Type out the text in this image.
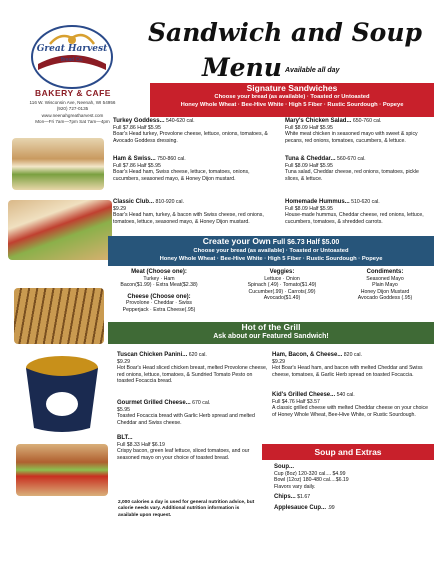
Great Harvest
Bread Co.
BAKERY & CAFE
116 W. Wisconsin Ave, Neenah, WI 54956
(920) 727-0135
www.neenahgreatharvest.com
Mon—Fri 7am—7pm Sat 7am—4pm
Sandwich and Soup
Menu Available all day
Signature Sandwiches

Choose your bread (as available) · Toasted or Untoasted

Honey Whole Wheat · Bee-Hive White · High 5 Fiber · Rustic Sourdough · Popeye

Turkey Goddess... 540-620 cal.
Full $7.86 Half $5.95
Boar's Head turkey, Provolone cheese, lettuce, onions, tomatoes, & Avocado Goddess dressing.
Ham & Swiss... 750-860 cal.
Full $7.86 Half $5.95
Boar's Head ham, Swiss cheese, lettuce, tomatoes, onions, cucumbers, seasoned mayo, & Honey Dijon mustard.
Classic Club... 810-920 cal.
$9.29
Boar's Head ham, turkey, & bacon with Swiss cheese, red onions, tomatoes, lettuce, seasoned mayo, & Honey Dijon mustard.
Mary's Chicken Salad... 650-760 cal.
Full $8.09 Half $5.95
White meat chicken in seasoned mayo with sweet & spicy pecans, red onions, tomatoes, cucumbers, & lettuce.
Tuna & Cheddar... 560-670 cal.
Full $8.09 Half $5.95
Tuna salad, Cheddar cheese, red onions, tomatoes, pickle slices, & lettuce.
Homemade Hummus... 510-620 cal.
Full $8.09 Half $5.95
House-made hummus, Cheddar cheese, red onions, lettuce, cucumbers, tomatoes, & shredded carrots.
Create your Own Full $6.73 Half $5.00

Choose your bread (as available) · Toasted or Untoasted

Honey Whole Wheat · Bee-Hive White · High 5 Fiber · Rustic Sourdough · Popeye

Meat (Choose one):
Turkey · Ham
Bacon($1.99) · Extra Meat($2.38)
Cheese (Choose one):
Provolone · Cheddar · Swiss
Pepperjack · Extra Cheese(.95)
Veggies:
Lettuce · Onion
Spinach (.49) · Tomato($1.49)
Cucumber(.99) · Carrots(.99)
Avocado($1.49)
Condiments:
Seasoned Mayo
Plain Mayo
Honey Dijon Mustard
Avocado Goddess (.95)
Hot of the Grill

Ask about our Featured Sandwich!

Tuscan Chicken Panini... 620 cal.
$9.29
Hot Boar's Head sliced chicken breast, melted Provolone cheese, red onions, lettuce, tomatoes, & Sundried Tomato Pesto on toasted Focaccia bread.
Gourmet Grilled Cheese... 670 cal.
$5.95
Toasted Focaccia bread with Garlic Herb spread and melted Cheddar and Swiss cheese.
BLT...
Full $8.33 Half $6.19
Crispy bacon, green leaf lettuce, sliced tomatoes, and our seasoned mayo on your choice of toasted bread.
Ham, Bacon, & Cheese... 820 cal.
$9.29
Hot Boar's Head ham, and bacon with melted Cheddar and Swiss cheese, tomatoes, & Garlic Herb spread on toasted Focaccia.
Kid's Grilled Cheese... 540 cal.
Full $4.76 Half $3.57
A classic grilled cheese with melted Cheddar cheese on your choice of Honey Whole Wheat, Bee-Hive White, or Rustic Sourdough.
Soup and Extras
Soup...
Cup (8oz) 120-320 cal.... $4.99
Bowl (12oz) 180-480 cal....$6.19
Flavors vary daily.
Chips... $1.67
Applesauce Cup... .99
2,000 calories a day is used for general nutrition advice, but calorie needs vary. Additional nutrition information is available upon request.
